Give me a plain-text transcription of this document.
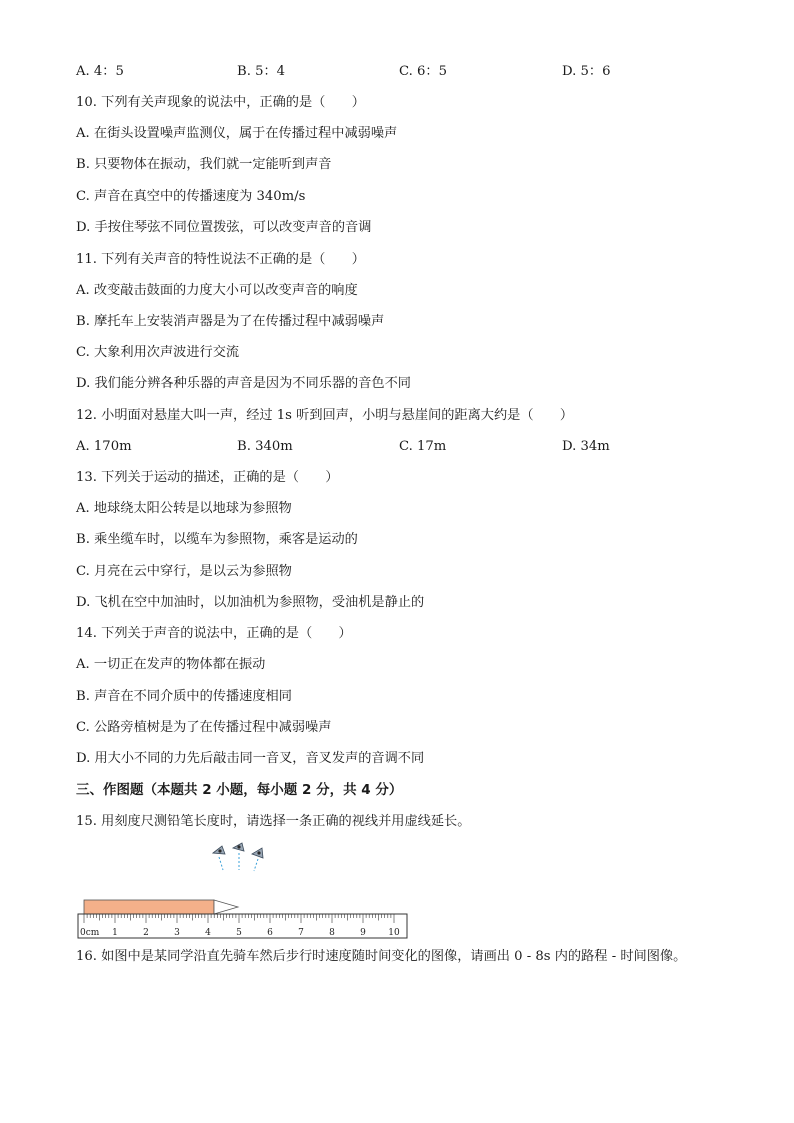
A. 4：5	B. 5：4	C. 6：5	D. 5：6
10. 下列有关声现象的说法中，正确的是（　　）
A. 在街头设置噪声监测仪，属于在传播过程中减弱噪声
B. 只要物体在振动，我们就一定能听到声音
C. 声音在真空中的传播速度为 340m/s
D. 手按住琴弦不同位置拨弦，可以改变声音的音调
11. 下列有关声音的特性说法不正确的是（　　）
A. 改变敲击鼓面的力度大小可以改变声音的响度
B. 摩托车上安装消声器是为了在传播过程中减弱噪声
C. 大象利用次声波进行交流
D. 我们能分辨各种乐器的声音是因为不同乐器的音色不同
12. 小明面对悬崖大叫一声，经过 1s 听到回声，小明与悬崖间的距离大约是（　　）
A. 170m	B. 340m	C. 17m	D. 34m
13. 下列关于运动的描述，正确的是（　　）
A. 地球绕太阳公转是以地球为参照物
B. 乘坐缆车时，以缆车为参照物，乘客是运动的
C. 月亮在云中穿行，是以云为参照物
D. 飞机在空中加油时，以加油机为参照物，受油机是静止的
14. 下列关于声音的说法中，正确的是（　　）
A. 一切正在发声的物体都在振动
B. 声音在不同介质中的传播速度相同
C. 公路旁植树是为了在传播过程中减弱噪声
D. 用大小不同的力先后敲击同一音叉，音叉发声的音调不同
三、作图题（本题共 2 小题，每小题 2 分，共 4 分）
15. 用刻度尺测铅笔长度时，请选择一条正确的视线并用虚线延长。
0cm 1	2	3	4	5	6	7	8	9 10
16. 如图中是某同学沿直先骑车然后步行时速度随时间变化的图像，请画出 0 - 8s 内的路程 - 时间图像。
